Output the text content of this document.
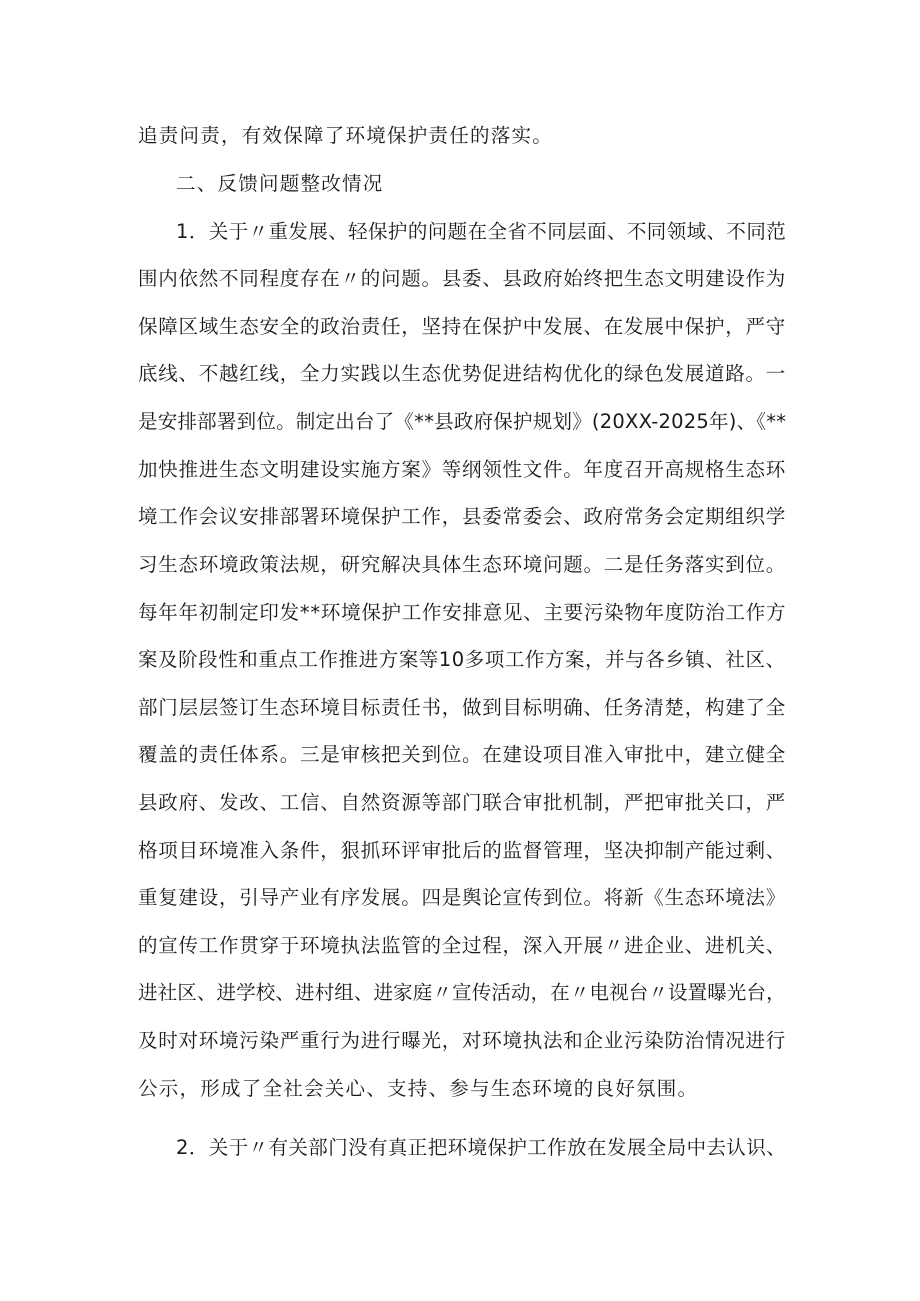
追责问责，有效保障了环境保护责任的落实。
二、反馈问题整改情况
1．关于〃重发展、轻保护的问题在全省不同层面、不同领域、不同范
围内依然不同程度存在〃的问题。县委、县政府始终把生态文明建设作为
保障区域生态安全的政治责任，坚持在保护中发展、在发展中保护，严守
底线、不越红线，全力实践以生态优势促进结构优化的绿色发展道路。一
是安排部署到位。制定出台了《**县政府保护规划》(20XX-2025年)、《**
加快推进生态文明建设实施方案》等纲领性文件。年度召开高规格生态环
境工作会议安排部署环境保护工作，县委常委会、政府常务会定期组织学
习生态环境政策法规，研究解决具体生态环境问题。二是任务落实到位。
每年年初制定印发**环境保护工作安排意见、主要污染物年度防治工作方
案及阶段性和重点工作推进方案等10多项工作方案，并与各乡镇、社区、
部门层层签订生态环境目标责任书，做到目标明确、任务清楚，构建了全
覆盖的责任体系。三是审核把关到位。在建设项目准入审批中，建立健全
县政府、发改、工信、自然资源等部门联合审批机制，严把审批关口，严
格项目环境准入条件，狠抓环评审批后的监督管理，坚决抑制产能过剩、
重复建设，引导产业有序发展。四是舆论宣传到位。将新《生态环境法》
的宣传工作贯穿于环境执法监管的全过程，深入开展〃进企业、进机关、
进社区、进学校、进村组、进家庭〃宣传活动，在〃电视台〃设置曝光台，
及时对环境污染严重行为进行曝光，对环境执法和企业污染防治情况进行
公示，形成了全社会关心、支持、参与生态环境的良好氛围。
2．关于〃有关部门没有真正把环境保护工作放在发展全局中去认识、
